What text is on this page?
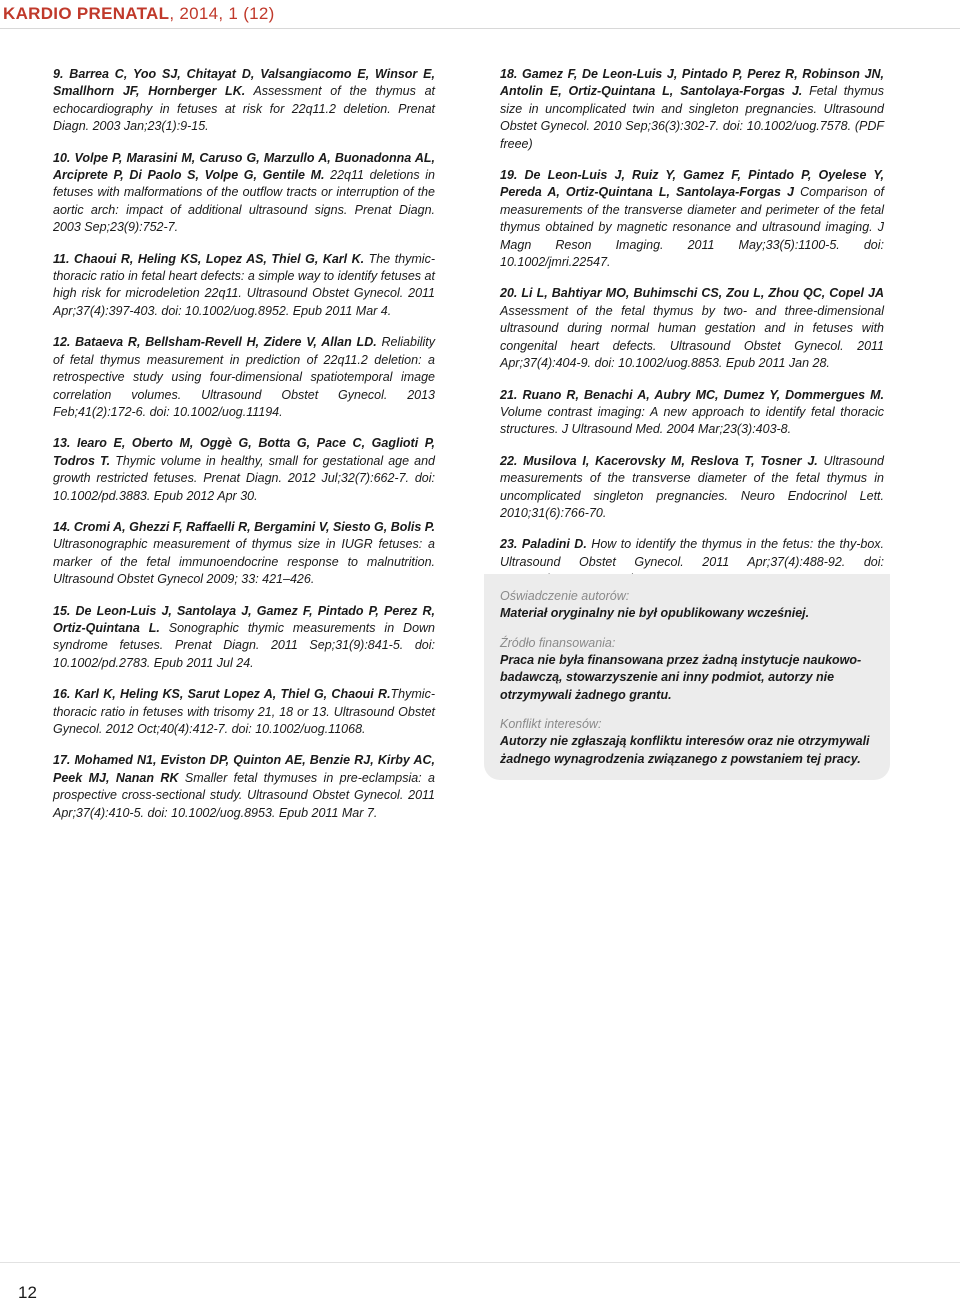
KARDIO PRENATAL, 2014, 1 (12)

9. Barrea C, Yoo SJ, Chitayat D, Valsangiacomo E, Winsor E, Smallhorn JF, Hornberger LK. Assessment of the thymus at echocardiography in fetuses at risk for 22q11.2 deletion. Prenat Diagn. 2003 Jan;23(1):9-15.

10. Volpe P, Marasini M, Caruso G, Marzullo A, Buonadonna AL, Arciprete P, Di Paolo S, Volpe G, Gentile M. 22q11 deletions in fetuses with malformations of the outflow tracts or interruption of the aortic arch: impact of additional ultrasound signs. Prenat Diagn. 2003 Sep;23(9):752-7.

11. Chaoui R, Heling KS, Lopez AS, Thiel G, Karl K. The thymic-thoracic ratio in fetal heart defects: a simple way to identify fetuses at high risk for microdeletion 22q11. Ultrasound Obstet Gynecol. 2011 Apr;37(4):397-403. doi: 10.1002/uog.8952. Epub 2011 Mar 4.

12. Bataeva R, Bellsham-Revell H, Zidere V, Allan LD. Reliability of fetal thymus measurement in prediction of 22q11.2 deletion: a retrospective study using four-dimensional spatiotemporal image correlation volumes. Ultrasound Obstet Gynecol. 2013 Feb;41(2):172-6. doi: 10.1002/uog.11194.

13. Iearo E, Oberto M, Oggè G, Botta G, Pace C, Gaglioti P, Todros T. Thymic volume in healthy, small for gestational age and growth restricted fetuses. Prenat Diagn. 2012 Jul;32(7):662-7. doi: 10.1002/pd.3883. Epub 2012 Apr 30.

14. Cromi A, Ghezzi F, Raffaelli R, Bergamini V, Siesto G, Bolis P. Ultrasonographic measurement of thymus size in IUGR fetuses: a marker of the fetal immunoendocrine response to malnutrition. Ultrasound Obstet Gynecol 2009; 33: 421–426.

15. De Leon-Luis J, Santolaya J, Gamez F, Pintado P, Perez R, Ortiz-Quintana L. Sonographic thymic measurements in Down syndrome fetuses. Prenat Diagn. 2011 Sep;31(9):841-5. doi: 10.1002/pd.2783. Epub 2011 Jul 24.

16. Karl K, Heling KS, Sarut Lopez A, Thiel G, Chaoui R.Thymic-thoracic ratio in fetuses with trisomy 21, 18 or 13. Ultrasound Obstet Gynecol. 2012 Oct;40(4):412-7. doi: 10.1002/uog.11068.

17. Mohamed N1, Eviston DP, Quinton AE, Benzie RJ, Kirby AC, Peek MJ, Nanan RK Smaller fetal thymuses in pre-eclampsia: a prospective cross-sectional study. Ultrasound Obstet Gynecol. 2011 Apr;37(4):410-5. doi: 10.1002/uog.8953. Epub 2011 Mar 7.

18. Gamez F, De Leon-Luis J, Pintado P, Perez R, Robinson JN, Antolin E, Ortiz-Quintana L, Santolaya-Forgas J. Fetal thymus size in uncomplicated twin and singleton pregnancies. Ultrasound Obstet Gynecol. 2010 Sep;36(3):302-7. doi: 10.1002/uog.7578. (PDF freee)

19. De Leon-Luis J, Ruiz Y, Gamez F, Pintado P, Oyelese Y, Pereda A, Ortiz-Quintana L, Santolaya-Forgas J Comparison of measurements of the transverse diameter and perimeter of the fetal thymus obtained by magnetic resonance and ultrasound imaging. J Magn Reson Imaging. 2011 May;33(5):1100-5. doi: 10.1002/jmri.22547.

20. Li L, Bahtiyar MO, Buhimschi CS, Zou L, Zhou QC, Copel JA Assessment of the fetal thymus by two- and three-dimensional ultrasound during normal human gestation and in fetuses with congenital heart defects. Ultrasound Obstet Gynecol. 2011 Apr;37(4):404-9. doi: 10.1002/uog.8853. Epub 2011 Jan 28.

21. Ruano R, Benachi A, Aubry MC, Dumez Y, Dommergues M. Volume contrast imaging: A new approach to identify fetal thoracic structures. J Ultrasound Med. 2004 Mar;23(3):403-8.

22. Musilova I, Kacerovsky M, Reslova T, Tosner J. Ultrasound measurements of the transverse diameter of the fetal thymus in uncomplicated singleton pregnancies. Neuro Endocrinol Lett. 2010;31(6):766-70.

23. Paladini D. How to identify the thymus in the fetus: the thy-box. Ultrasound Obstet Gynecol. 2011 Apr;37(4):488-92. doi:

Oświadczenie autorów:

Materiał oryginalny nie był opublikowany wcześniej.

Źródło finansowania:

Praca nie była finansowana przez żadną instytucje naukowo-badawczą, stowarzyszenie ani inny podmiot, autorzy nie otrzymywali żadnego grantu.

Konflikt interesów:

Autorzy nie zgłaszają konfliktu interesów oraz nie otrzymywali żadnego wynagrodzenia związanego z powstaniem tej pracy.

12
